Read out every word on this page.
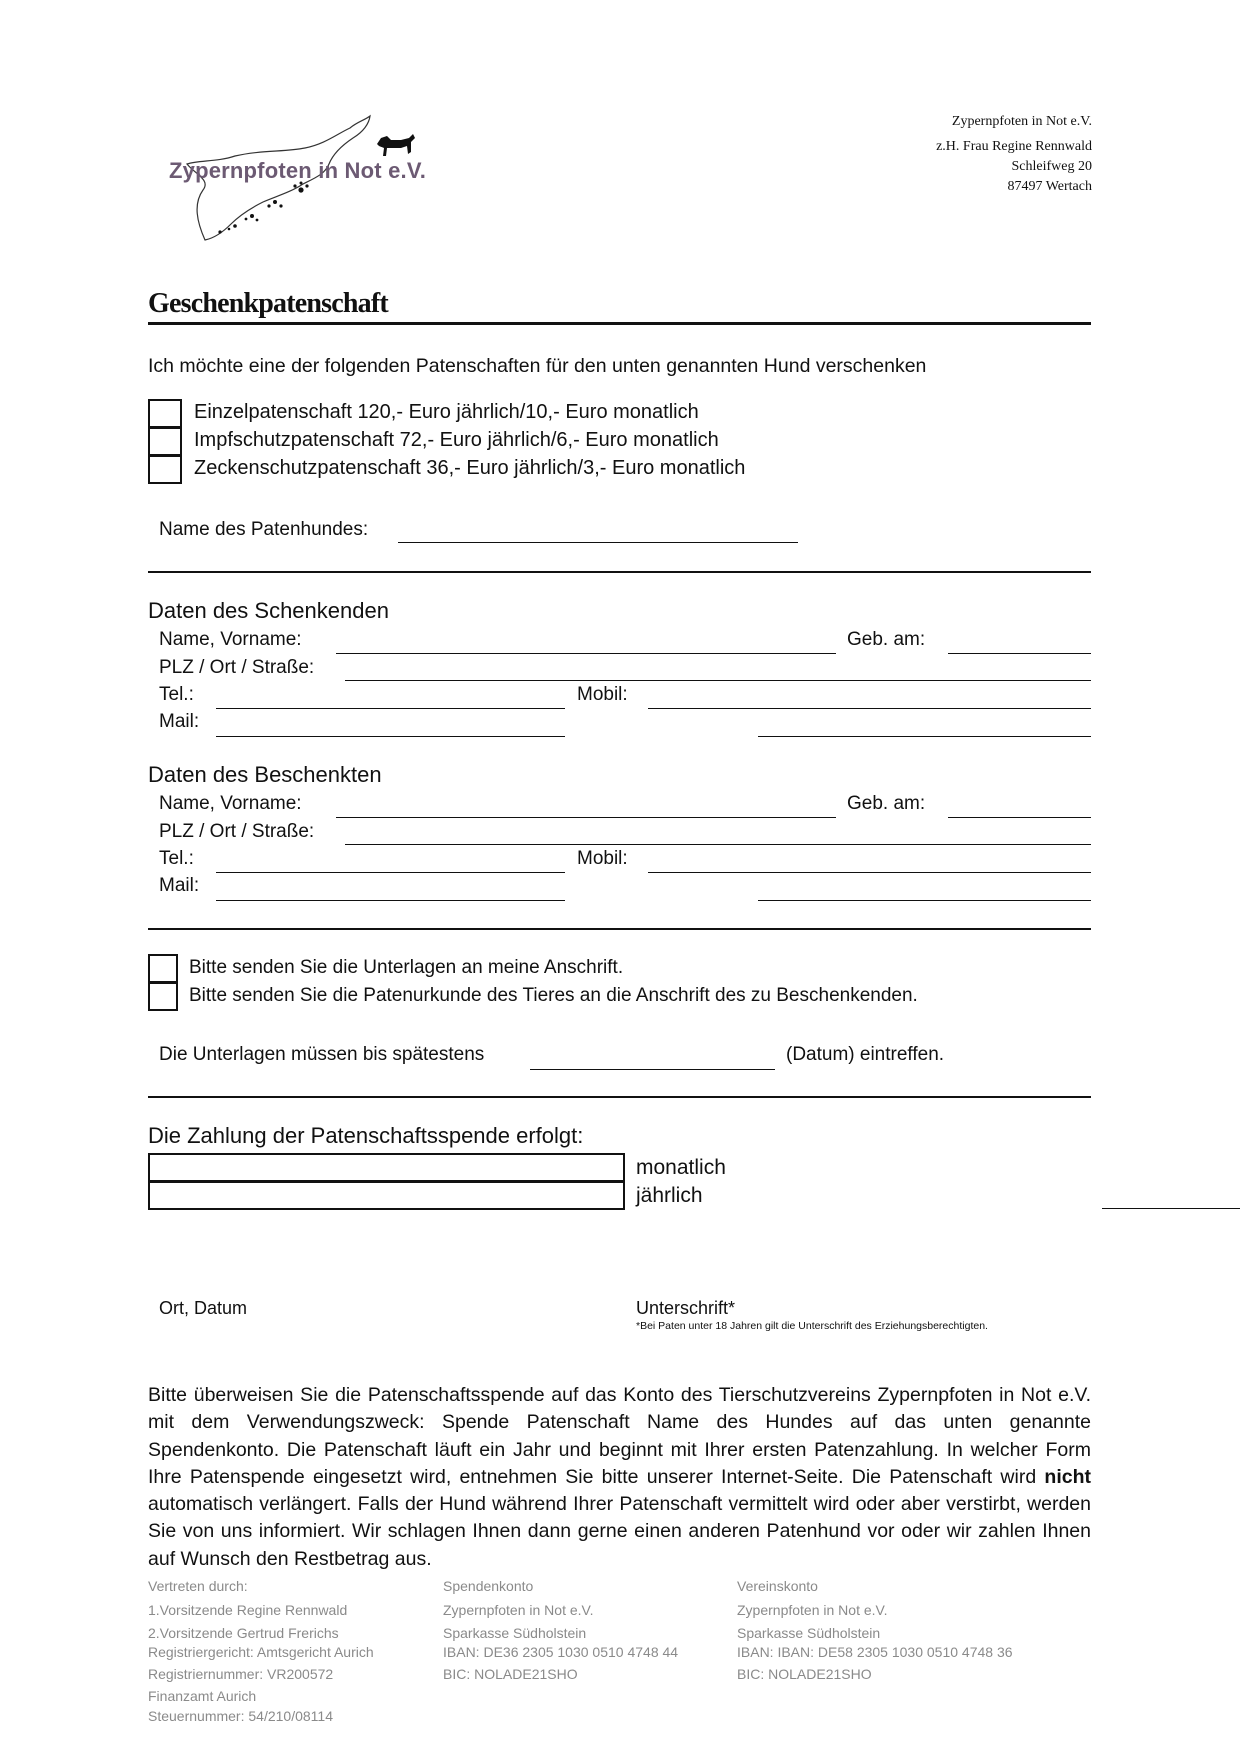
Zypernpfoten in Not e.V.
Zypernpfoten in Not e.V.
z.H. Frau Regine Rennwald
Schleifweg 20
87497 Wertach
Geschenkpatenschaft
Ich möchte eine der folgenden Patenschaften für den unten genannten Hund verschenken
Einzelpatenschaft 120,- Euro jährlich/10,- Euro monatlich
Impfschutzpatenschaft 72,- Euro jährlich/6,- Euro monatlich
Zeckenschutzpatenschaft 36,- Euro jährlich/3,- Euro monatlich
Name des Patenhundes:
Daten des Schenkenden
Name, Vorname:	Geb. am:
PLZ / Ort / Straße:
Tel.:	Mobil:
Mail:
Daten des Beschenkten
Name, Vorname:	Geb. am:
PLZ / Ort / Straße:
Tel.:	Mobil:
Mail:
Bitte senden Sie die Unterlagen an meine Anschrift.
Bitte senden Sie die Patenurkunde des Tieres an die Anschrift des zu Beschenkenden.
Die Unterlagen müssen bis spätestens	(Datum) eintreffen.
Die Zahlung der Patenschaftsspende erfolgt:
monatlich
jährlich
Ort, Datum	Unterschrift*
*Bei Paten unter 18 Jahren gilt die Unterschrift des Erziehungsberechtigten.
Bitte überweisen Sie die Patenschaftsspende auf das Konto des Tierschutzvereins Zypernpfoten in Not e.V. mit dem Verwendungszweck: Spende Patenschaft Name des Hundes auf das unten genannte Spendenkonto. Die Patenschaft läuft ein Jahr und beginnt mit Ihrer ersten Patenzahlung. In welcher Form Ihre Patenspende eingesetzt wird, entnehmen Sie bitte unserer Internet-Seite. Die Patenschaft wird nicht automatisch verlängert. Falls der Hund während Ihrer Patenschaft vermittelt wird oder aber verstirbt, werden Sie von uns informiert. Wir schlagen Ihnen dann gerne einen anderen Patenhund vor oder wir zahlen Ihnen auf Wunsch den Restbetrag aus.
Vertreten durch:
1.Vorsitzende Regine Rennwald
2.Vorsitzende Gertrud Frerichs
Registriergericht: Amtsgericht Aurich
Registriernummer: VR200572
Finanzamt Aurich
Steuernummer: 54/210/08114
Spendenkonto
Zypernpfoten in Not e.V.
Sparkasse Südholstein
IBAN: DE36 2305 1030 0510 4748 44
BIC: NOLADE21SHO
Vereinskonto
Zypernpfoten in Not e.V.
Sparkasse Südholstein
IBAN: IBAN: DE58 2305 1030 0510 4748 36
BIC: NOLADE21SHO
